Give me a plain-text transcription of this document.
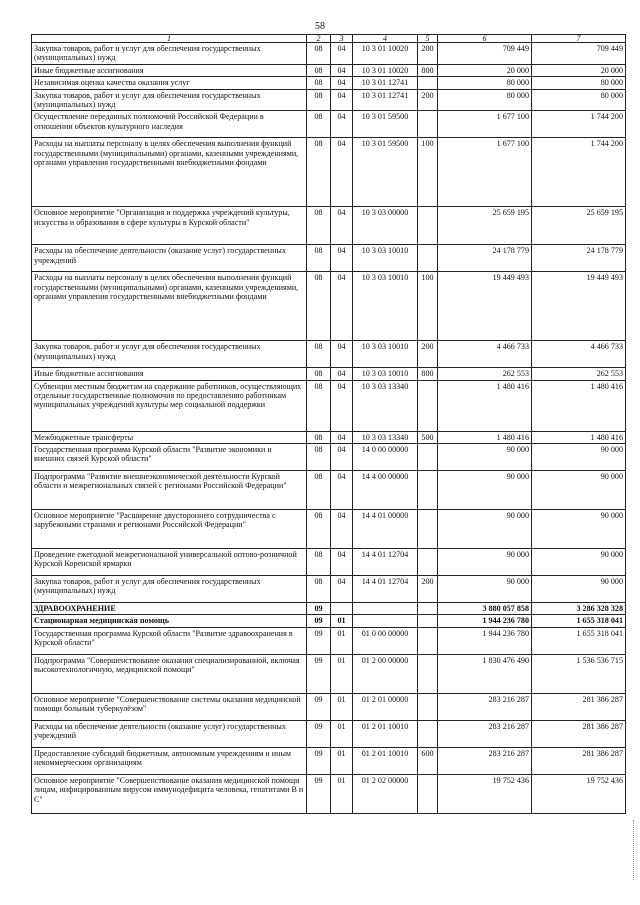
58
1	2	3	4	5	6	7
Закупка товаров, работ и услуг для обеспечения государственных (муниципальных) нужд	08	04	10 3 01 10020	200	709 449	709 449
Иные бюджетные ассигнования	08	04	10 3 01 10020	800	20 000	20 000
Независимая оценка качества оказания услуг	08	04	10 3 01 12741		80 000	80 000
Закупка товаров, работ и услуг для обеспечения государственных (муниципальных) нужд	08	04	10 3 01 12741	200	80 000	80 000
Осуществление переданных полномочий Российской Федерации в отношении объектов культурного наследия	08	04	10 3 01 59500		1 677 100	1 744 200
Расходы на выплаты персоналу в целях обеспечения выполнения функций государственными (муниципальными) органами, казенными учреждениями, органами управления государственными внебюджетными фондами	08	04	10 3 01 59500	100	1 677 100	1 744 200
Основное мероприятие "Организация и поддержка учреждений культуры, искусства и образования в сфере культуры в Курской области"	08	04	10 3 03 00000		25 659 195	25 659 195
Расходы на обеспечение деятельности (оказание услуг) государственных учреждений	08	04	10 3 03 10010		24 178 779	24 178 779
Расходы на выплаты персоналу в целях обеспечения выполнения функций государственными (муниципальными) органами, казенными учреждениями, органами управления государственными внебюджетными фондами	08	04	10 3 03 10010	100	19 449 493	19 449 493
Закупка товаров, работ и услуг для обеспечения государственных (муниципальных) нужд	08	04	10 3 03 10010	200	4 466 733	4 466 733
Иные бюджетные ассигнования	08	04	10 3 03 10010	800	262 553	262 553
Субвенции местным бюджетам на содержание работников, осуществляющих отдельные государственные полномочия по предоставлению работникам муниципальных учреждений культуры мер социальной поддержки	08	04	10 3 03 13340		1 480 416	1 480 416
Межбюджетные трансферты	08	04	10 3 03 13340	500	1 480 416	1 480 416
Государственная программа Курской области "Развитие экономики и внешних связей Курской области"	08	04	14 0 00 00000		90 000	90 000
Подпрограмма "Развитие внешнеэкономической деятельности Курской области и межрегиональных связей с регионами Российской Федерации"	08	04	14 4 00 00000		90 000	90 000
Основное мероприятие "Расширение двустороннего сотрудничества с зарубежными странами и регионами Российской Федерации"	08	04	14 4 01 00000		90 000	90 000
Проведение ежегодной межрегиональной универсальной оптово-розничной Курской Коренской ярмарки	08	04	14 4 01 12704		90 000	90 000
Закупка товаров, работ и услуг для обеспечения государственных (муниципальных) нужд	08	04	14 4 01 12704	200	90 000	90 000
ЗДРАВООХРАНЕНИЕ	09				3 880 057 858	3 286 328 328
Стационарная медицинская помощь	09	01			1 944 236 780	1 655 318 041
Государственная программа Курской области "Развитие здравоохранения в Курской области"	09	01	01 0 00 00000		1 944 236 780	1 655 318 041
Подпрограмма "Совершенствование оказания специализированной, включая высокотехнологичную, медицинской помощи"	09	01	01 2 00 00000		1 830 476 490	1 536 536 715
Основное мероприятие "Совершенствование системы оказания медицинской помощи больным туберкулёзом"	09	01	01 2 01 00000		283 216 287	281 386 287
Расходы на обеспечение деятельности (оказание услуг) государственных учреждений	09	01	01 2 01 10010		283 216 287	281 386 287
Предоставление субсидий бюджетным, автономным учреждениям и иным некоммерческим организациям	09	01	01 2 01 10010	600	283 216 287	281 386 287
Основное мероприятие "Совершенствование оказания медицинской помощи лицам, инфицированным вирусом иммунодефицита человека, гепатитами В и С"	09	01	01 2 02 00000		19 752 436	19 752 436
